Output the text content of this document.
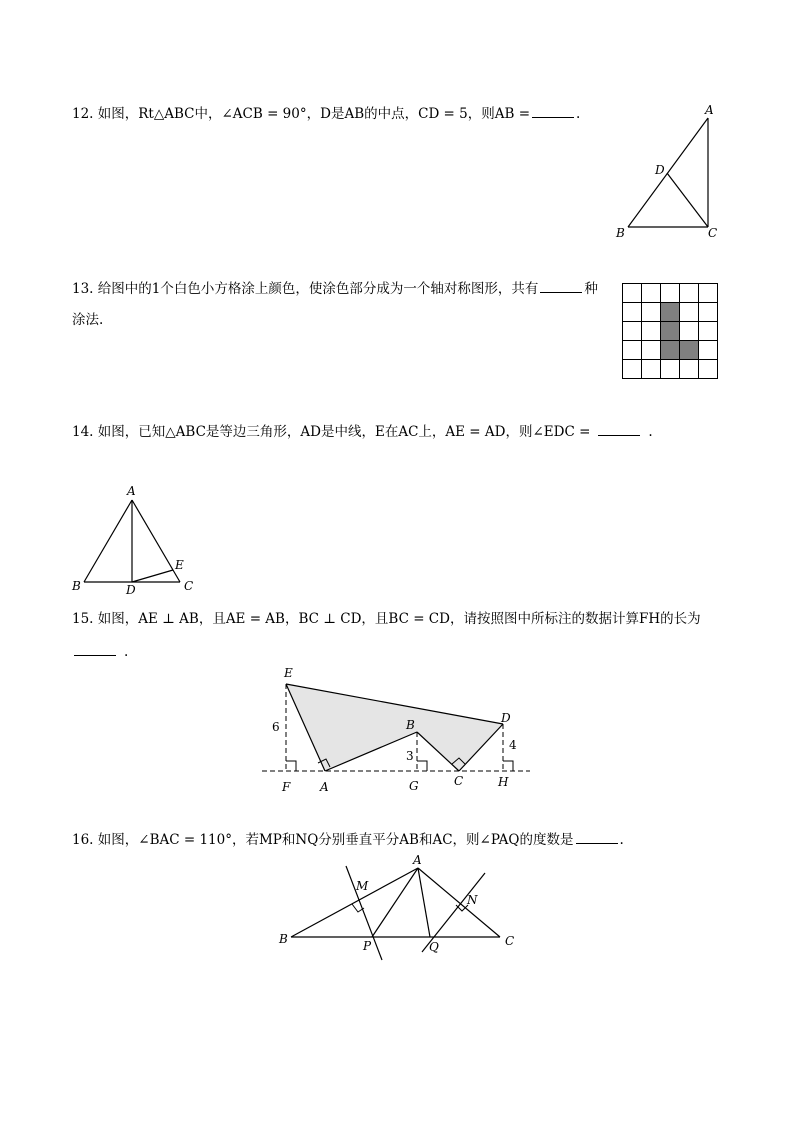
12. 如图，Rt△ABC中，∠ACB = 90°，D是AB的中点，CD = 5，则AB =	.	A
D
B	C
13. 给图中的1个白色小方格涂上颜色，使涂色部分成为一个轴对称图形，共有	种
涂法.
14. 如图，已知△ABC是等边三角形，AD是中线，E在AC上，AE = AD，则∠EDC =	.
A
E
B	D	C
15. 如图，AE ⊥ AB，且AE = AB，BC ⊥ CD，且BC = CD，请按照图中所标注的数据计算FH的长为
.
E
B	D
F A	G	C	H
6
3
4
16. 如图，∠BAC = 110°，若MP和NQ分别垂直平分AB和AC，则∠PAQ的度数是	.
A
M
N
B	P	Q	C
